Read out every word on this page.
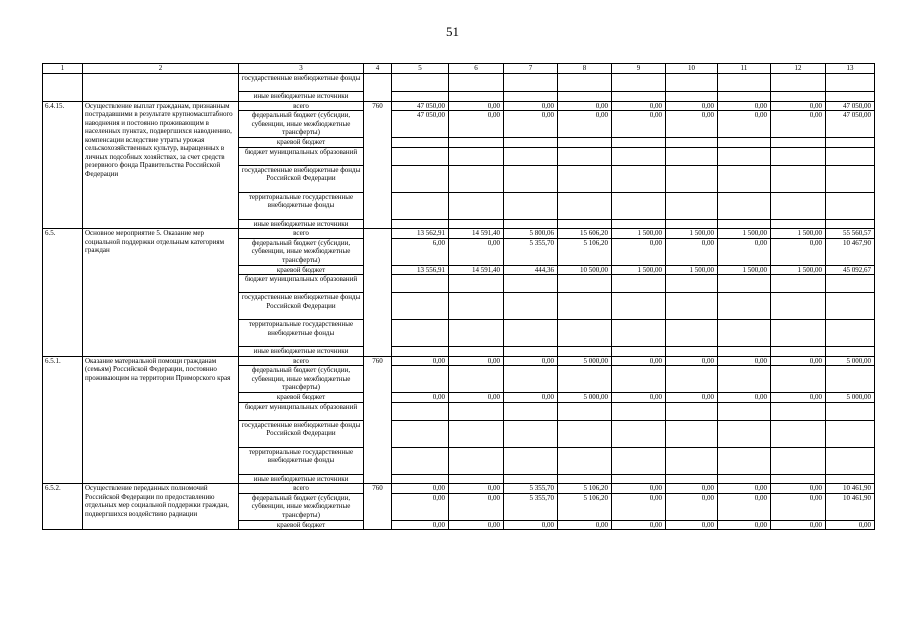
51
1	2	3	4	5	6	7	8	9	10	11	12	13
		государственные внебюджетные фонды										
		иные внебюджетные источники										
6.4.15.	Осуществление выплат гражданам, признанным пострадавшими в результате крупномасштабного наводнения и постоянно проживающим в населенных пунктах, подвергшихся наводнению, компенсации вследствие утраты урожая сельскохозяйственных культур, выращенных в личных подсобных хозяйствах, за счет средств резервного фонда Правительства Российской Федерации	всего	760	47 050,00	0,00	0,00	0,00	0,00	0,00	0,00	0,00	47 050,00
		федеральный бюджет (субсидии, субвенции, иные межбюджетные трансферты)		47 050,00	0,00	0,00	0,00	0,00	0,00	0,00	0,00	47 050,00
		краевой бюджет										
		бюджет муниципальных образований										
		государственные внебюджетные фонды Российской Федерации										
		территориальные государственные внебюджетные фонды										
		иные внебюджетные источники										
6.5.	Основное мероприятие 5. Оказание мер социальной поддержки отдельным категориям граждан	всего		13 562,91	14 591,40	5 800,06	15 606,20	1 500,00	1 500,00	1 500,00	1 500,00	55 560,57
		федеральный бюджет (субсидии, субвенции, иные межбюджетные трансферты)		6,00	0,00	5 355,70	5 106,20	0,00	0,00	0,00	0,00	10 467,90
		краевой бюджет		13 556,91	14 591,40	444,36	10 500,00	1 500,00	1 500,00	1 500,00	1 500,00	45 092,67
		бюджет муниципальных образований										
		государственные внебюджетные фонды Российской Федерации										
		территориальные государственные внебюджетные фонды										
		иные внебюджетные источники										
6.5.1.	Оказание материальной помощи гражданам (семьям) Российской Федерации, постоянно проживающим на территории Приморского края	всего	760	0,00	0,00	0,00	5 000,00	0,00	0,00	0,00	0,00	5 000,00
		федеральный бюджет (субсидии, субвенции, иные межбюджетные трансферты)										
		краевой бюджет		0,00	0,00	0,00	5 000,00	0,00	0,00	0,00	0,00	5 000,00
		бюджет муниципальных образований										
		государственные внебюджетные фонды Российской Федерации										
		территориальные государственные внебюджетные фонды										
		иные внебюджетные источники										
6.5.2.	Осуществление переданных полномочий Российской Федерации по предоставлению отдельных мер социальной поддержки граждан, подвергшихся воздействию радиации	всего	760	0,00	0,00	5 355,70	5 106,20	0,00	0,00	0,00	0,00	10 461,90
		федеральный бюджет (субсидии, субвенции, иные межбюджетные трансферты)		0,00	0,00	5 355,70	5 106,20	0,00	0,00	0,00	0,00	10 461,90
		краевой бюджет		0,00	0,00	0,00	0,00	0,00	0,00	0,00	0,00	0,00
